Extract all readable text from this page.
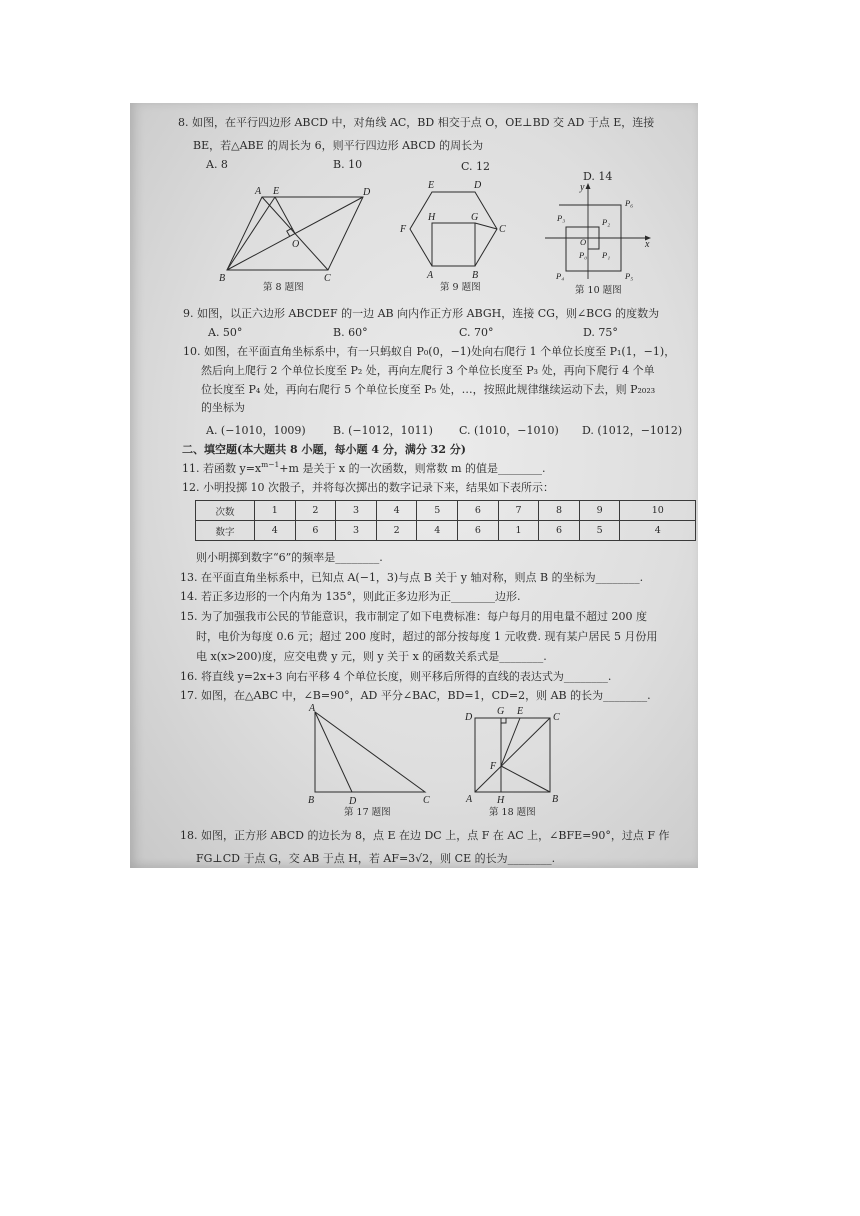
8. 如图，在平行四边形 ABCD 中，对角线 AC，BD 相交于点 O，OE⊥BD 交 AD 于点 E，连接
BE，若△ABE 的周长为 6，则平行四边形 ABCD 的周长为
A. 8	B. 10	C. 12
D. 14
A E	D
O
B	C
第 8 题图
E	D
H	G
F	C
A	B
第 9 题图
y
x
O
P₀ P₁
P₂
P₃
P₄	P₅
P₆
第 10 题图
9. 如图，以正六边形 ABCDEF 的一边 AB 向内作正方形 ABGH，连接 CG，则∠BCG 的度数为
A. 50°	B. 60°	C. 70°	D. 75°
10. 如图，在平面直角坐标系中，有一只蚂蚁自 P₀(0，−1)处向右爬行 1 个单位长度至 P₁(1，−1)，
然后向上爬行 2 个单位长度至 P₂ 处，再向左爬行 3 个单位长度至 P₃ 处，再向下爬行 4 个单
位长度至 P₄ 处，再向右爬行 5 个单位长度至 P₅ 处，…，按照此规律继续运动下去，则 P₂₀₂₃
的坐标为
A. (−1010，1009) B. (−1012，1011) C. (1010，−1010) D. (1012，−1012)
二、填空题(本大题共 8 小题，每小题 4 分，满分 32 分)
11. 若函数 $y=x^{m-1}+m$ 是关于 x 的一次函数，则常数 m 的值是________.
12. 小明投掷 10 次骰子，并将每次掷出的数字记录下来，结果如下表所示：
次数	1	2	3	4	5	6	7	8	9	10
数字	4	6	3	2	4	6	1	6	5	4
则小明掷到数字“6”的频率是________.
13. 在平面直角坐标系中，已知点 A(−1，3)与点 B 关于 y 轴对称，则点 B 的坐标为________.
14. 若正多边形的一个内角为 135°，则此正多边形为正________边形.
15. 为了加强我市公民的节能意识，我市制定了如下电费标准：每户每月的用电量不超过 200 度
时，电价为每度 0.6 元；超过 200 度时，超过的部分按每度 1 元收费. 现有某户居民 5 月份用
电 x(x>200)度，应交电费 y 元，则 y 关于 x 的函数关系式是________.
16. 将直线 y=2x+3 向右平移 4 个单位长度，则平移后所得的直线的表达式为________.
17. 如图，在△ABC 中，∠B=90°，AD 平分∠BAC，BD=1，CD=2，则 AB 的长为________.
A
B	D	C
第 17 题图
D
G E
C
F
A H	B
第 18 题图
18. 如图，正方形 ABCD 的边长为 8，点 E 在边 DC 上，点 F 在 AC 上，∠BFE=90°，过点 F 作
FG⊥CD 于点 G，交 AB 于点 H，若 AF=3√2，则 CE 的长为________.
